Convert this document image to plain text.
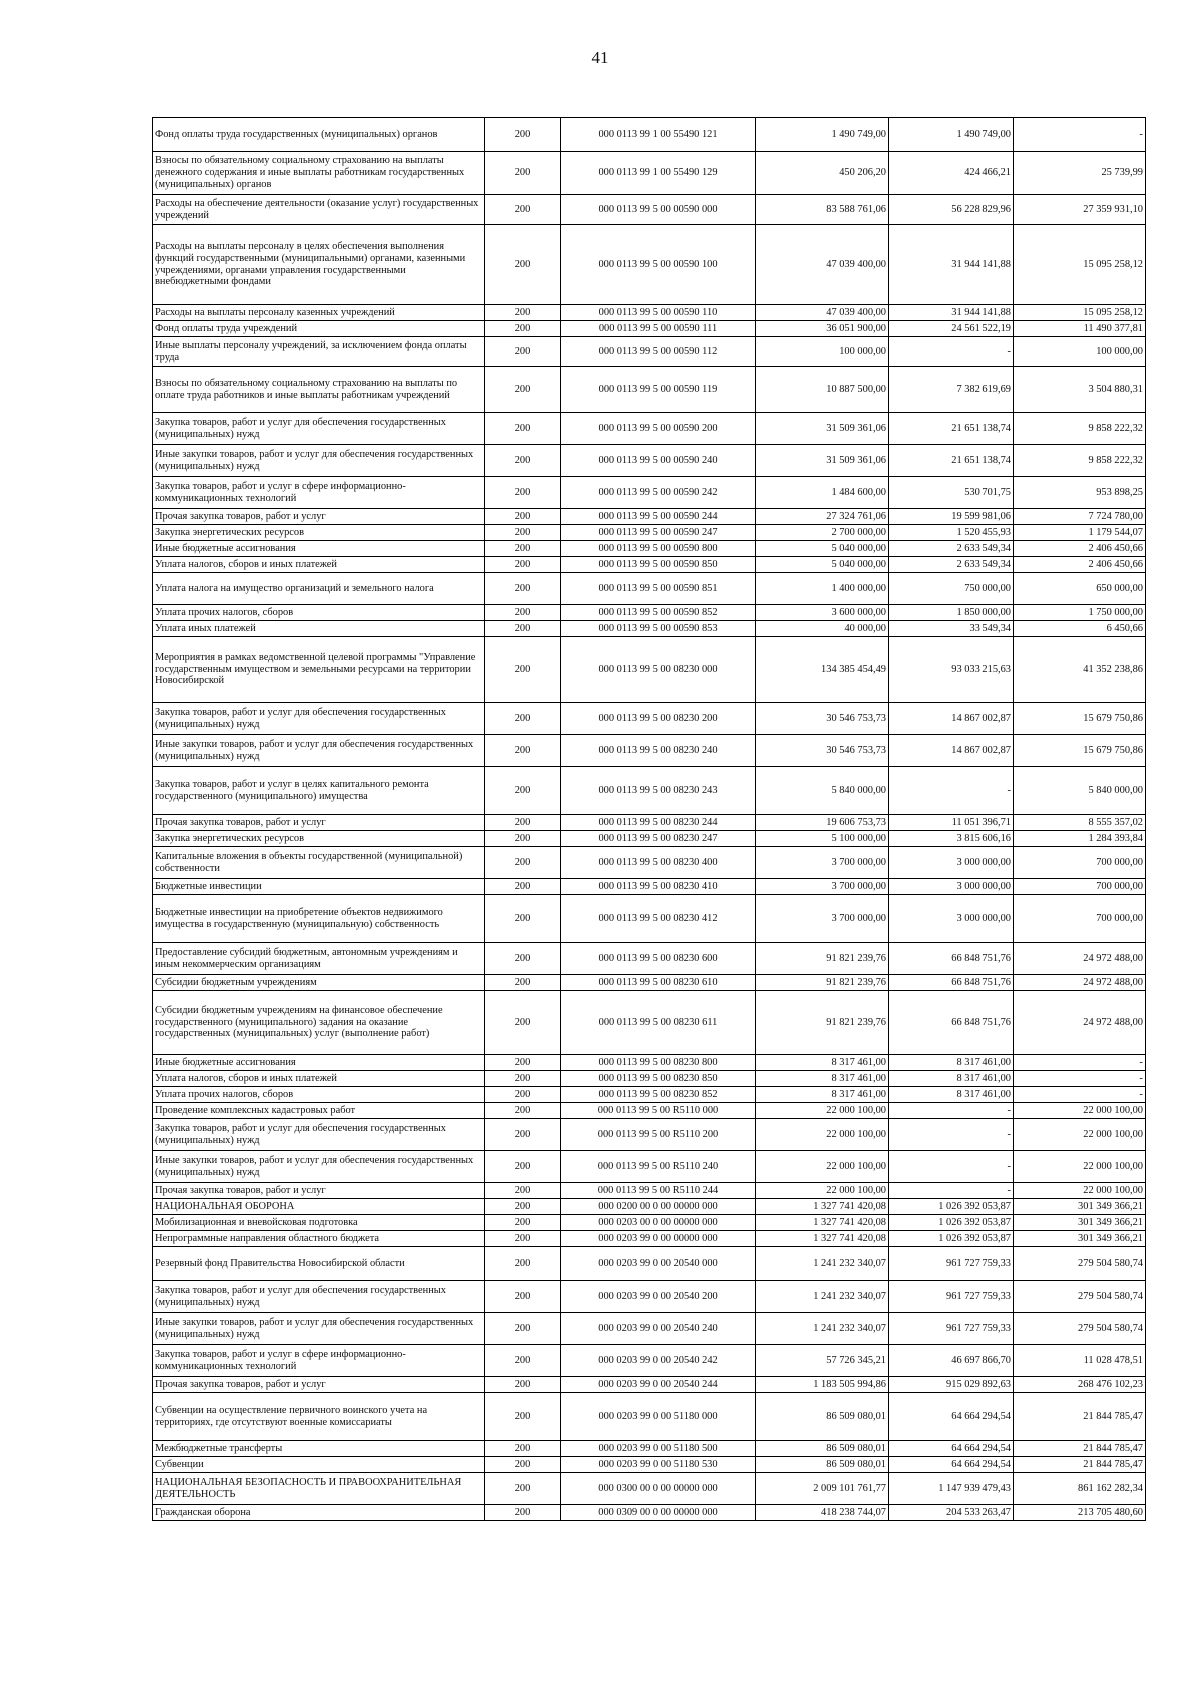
41
Фонд оплаты труда государственных (муниципальных) органов	200	000 0113 99 1 00 55490 121	1 490 749,00	1 490 749,00	-
Взносы по обязательному социальному страхованию на выплаты денежного содержания и иные выплаты работникам государственных (муниципальных) органов	200	000 0113 99 1 00 55490 129	450 206,20	424 466,21	25 739,99
Расходы на обеспечение деятельности (оказание услуг) государственных учреждений	200	000 0113 99 5 00 00590 000	83 588 761,06	56 228 829,96	27 359 931,10
Расходы на выплаты персоналу в целях обеспечения выполнения функций государственными (муниципальными) органами, казенными учреждениями, органами управления государственными внебюджетными фондами	200	000 0113 99 5 00 00590 100	47 039 400,00	31 944 141,88	15 095 258,12
Расходы на выплаты персоналу казенных учреждений	200	000 0113 99 5 00 00590 110	47 039 400,00	31 944 141,88	15 095 258,12
Фонд оплаты труда учреждений	200	000 0113 99 5 00 00590 111	36 051 900,00	24 561 522,19	11 490 377,81
Иные выплаты персоналу учреждений, за исключением фонда оплаты труда	200	000 0113 99 5 00 00590 112	100 000,00	-	100 000,00
Взносы по обязательному социальному страхованию на выплаты по оплате труда работников и иные выплаты работникам учреждений	200	000 0113 99 5 00 00590 119	10 887 500,00	7 382 619,69	3 504 880,31
Закупка товаров, работ и услуг для обеспечения государственных (муниципальных) нужд	200	000 0113 99 5 00 00590 200	31 509 361,06	21 651 138,74	9 858 222,32
Иные закупки товаров, работ и услуг для обеспечения государственных (муниципальных) нужд	200	000 0113 99 5 00 00590 240	31 509 361,06	21 651 138,74	9 858 222,32
Закупка товаров, работ и услуг в сфере информационно-коммуникационных технологий	200	000 0113 99 5 00 00590 242	1 484 600,00	530 701,75	953 898,25
Прочая закупка товаров, работ и услуг	200	000 0113 99 5 00 00590 244	27 324 761,06	19 599 981,06	7 724 780,00
Закупка энергетических ресурсов	200	000 0113 99 5 00 00590 247	2 700 000,00	1 520 455,93	1 179 544,07
Иные бюджетные ассигнования	200	000 0113 99 5 00 00590 800	5 040 000,00	2 633 549,34	2 406 450,66
Уплата налогов, сборов и иных платежей	200	000 0113 99 5 00 00590 850	5 040 000,00	2 633 549,34	2 406 450,66
Уплата налога на имущество организаций и земельного налога	200	000 0113 99 5 00 00590 851	1 400 000,00	750 000,00	650 000,00
Уплата прочих налогов, сборов	200	000 0113 99 5 00 00590 852	3 600 000,00	1 850 000,00	1 750 000,00
Уплата иных платежей	200	000 0113 99 5 00 00590 853	40 000,00	33 549,34	6 450,66
Мероприятия в рамках ведомственной целевой программы "Управление государственным имуществом и земельными ресурсами на территории Новосибирской	200	000 0113 99 5 00 08230 000	134 385 454,49	93 033 215,63	41 352 238,86
Закупка товаров, работ и услуг для обеспечения государственных (муниципальных) нужд	200	000 0113 99 5 00 08230 200	30 546 753,73	14 867 002,87	15 679 750,86
Иные закупки товаров, работ и услуг для обеспечения государственных (муниципальных) нужд	200	000 0113 99 5 00 08230 240	30 546 753,73	14 867 002,87	15 679 750,86
Закупка товаров, работ и услуг в целях капитального ремонта государственного (муниципального) имущества	200	000 0113 99 5 00 08230 243	5 840 000,00	-	5 840 000,00
Прочая закупка товаров, работ и услуг	200	000 0113 99 5 00 08230 244	19 606 753,73	11 051 396,71	8 555 357,02
Закупка энергетических ресурсов	200	000 0113 99 5 00 08230 247	5 100 000,00	3 815 606,16	1 284 393,84
Капитальные вложения в объекты государственной (муниципальной) собственности	200	000 0113 99 5 00 08230 400	3 700 000,00	3 000 000,00	700 000,00
Бюджетные инвестиции	200	000 0113 99 5 00 08230 410	3 700 000,00	3 000 000,00	700 000,00
Бюджетные инвестиции на приобретение объектов недвижимого имущества в государственную (муниципальную) собственность	200	000 0113 99 5 00 08230 412	3 700 000,00	3 000 000,00	700 000,00
Предоставление субсидий бюджетным, автономным учреждениям и иным некоммерческим организациям	200	000 0113 99 5 00 08230 600	91 821 239,76	66 848 751,76	24 972 488,00
Субсидии бюджетным учреждениям	200	000 0113 99 5 00 08230 610	91 821 239,76	66 848 751,76	24 972 488,00
Субсидии бюджетным учреждениям на финансовое обеспечение государственного (муниципального) задания на оказание государственных (муниципальных) услуг (выполнение работ)	200	000 0113 99 5 00 08230 611	91 821 239,76	66 848 751,76	24 972 488,00
Иные бюджетные ассигнования	200	000 0113 99 5 00 08230 800	8 317 461,00	8 317 461,00	-
Уплата налогов, сборов и иных платежей	200	000 0113 99 5 00 08230 850	8 317 461,00	8 317 461,00	-
Уплата прочих налогов, сборов	200	000 0113 99 5 00 08230 852	8 317 461,00	8 317 461,00	-
Проведение комплексных кадастровых работ	200	000 0113 99 5 00 R5110 000	22 000 100,00	-	22 000 100,00
Закупка товаров, работ и услуг для обеспечения государственных (муниципальных) нужд	200	000 0113 99 5 00 R5110 200	22 000 100,00	-	22 000 100,00
Иные закупки товаров, работ и услуг для обеспечения государственных (муниципальных) нужд	200	000 0113 99 5 00 R5110 240	22 000 100,00	-	22 000 100,00
Прочая закупка товаров, работ и услуг	200	000 0113 99 5 00 R5110 244	22 000 100,00	-	22 000 100,00
НАЦИОНАЛЬНАЯ ОБОРОНА	200	000 0200 00 0 00 00000 000	1 327 741 420,08	1 026 392 053,87	301 349 366,21
Мобилизационная и вневойсковая подготовка	200	000 0203 00 0 00 00000 000	1 327 741 420,08	1 026 392 053,87	301 349 366,21
Непрограммные направления областного бюджета	200	000 0203 99 0 00 00000 000	1 327 741 420,08	1 026 392 053,87	301 349 366,21
Резервный фонд Правительства Новосибирской области	200	000 0203 99 0 00 20540 000	1 241 232 340,07	961 727 759,33	279 504 580,74
Закупка товаров, работ и услуг для обеспечения государственных (муниципальных) нужд	200	000 0203 99 0 00 20540 200	1 241 232 340,07	961 727 759,33	279 504 580,74
Иные закупки товаров, работ и услуг для обеспечения государственных (муниципальных) нужд	200	000 0203 99 0 00 20540 240	1 241 232 340,07	961 727 759,33	279 504 580,74
Закупка товаров, работ и услуг в сфере информационно-коммуникационных технологий	200	000 0203 99 0 00 20540 242	57 726 345,21	46 697 866,70	11 028 478,51
Прочая закупка товаров, работ и услуг	200	000 0203 99 0 00 20540 244	1 183 505 994,86	915 029 892,63	268 476 102,23
Субвенции на осуществление первичного воинского учета на территориях, где отсутствуют военные комиссариаты	200	000 0203 99 0 00 51180 000	86 509 080,01	64 664 294,54	21 844 785,47
Межбюджетные трансферты	200	000 0203 99 0 00 51180 500	86 509 080,01	64 664 294,54	21 844 785,47
Субвенции	200	000 0203 99 0 00 51180 530	86 509 080,01	64 664 294,54	21 844 785,47
НАЦИОНАЛЬНАЯ БЕЗОПАСНОСТЬ И ПРАВООХРАНИТЕЛЬНАЯ ДЕЯТЕЛЬНОСТЬ	200	000 0300 00 0 00 00000 000	2 009 101 761,77	1 147 939 479,43	861 162 282,34
Гражданская оборона	200	000 0309 00 0 00 00000 000	418 238 744,07	204 533 263,47	213 705 480,60
